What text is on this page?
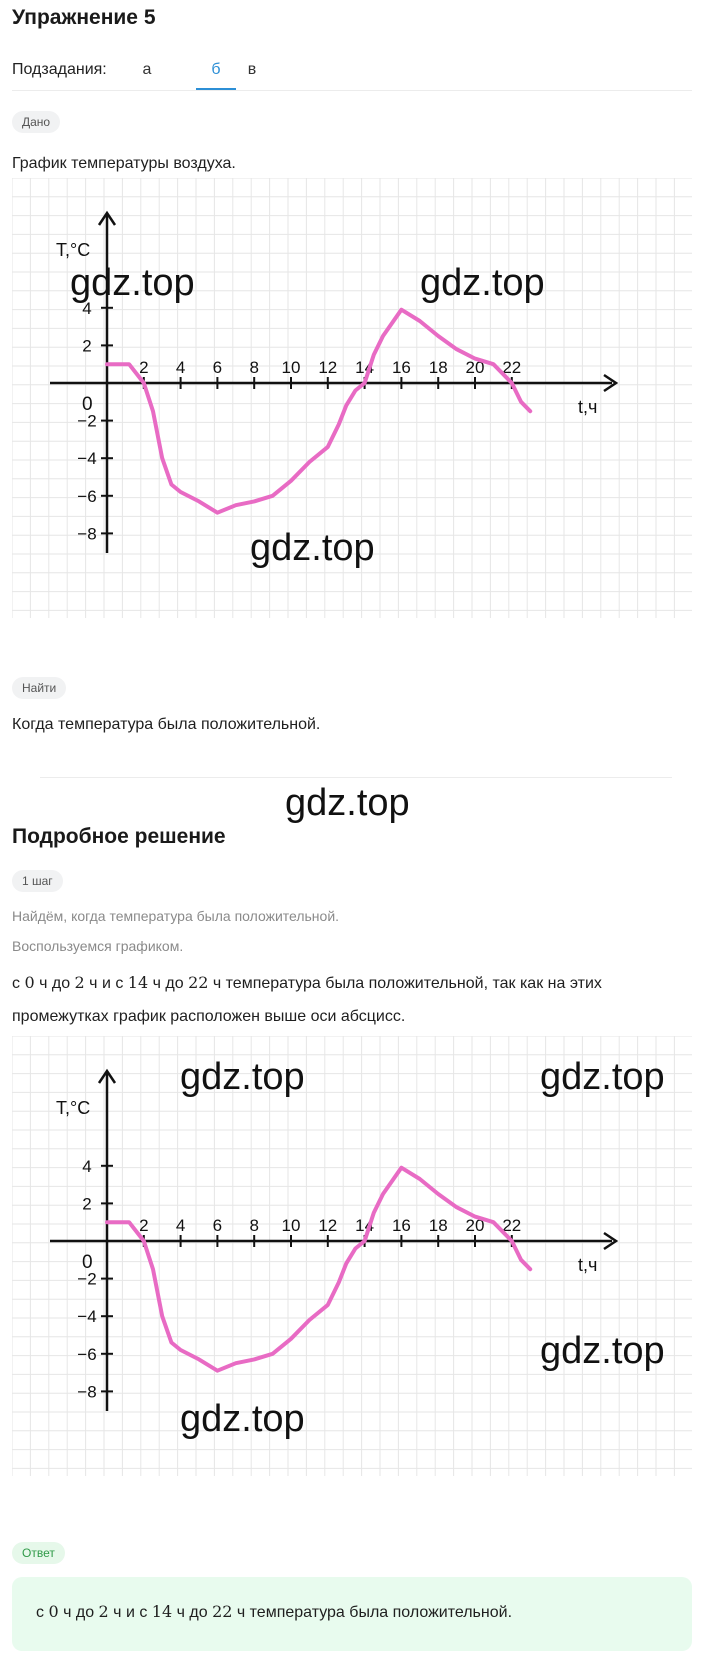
Упражнение 5
Подзадания:	а	б	в
Дано
График температуры воздуха.
2 4 6 8 10 12 14 16 18 20 22
4
2
−2
−4
−6
−8
T,°C
t,ч
0
gdz.top	gdz.top
gdz.top
Найти
Когда температура была положительной.
gdz.top
Подробное решение
1 шаг
Найдём, когда температура была положительной.
Воспользуемся графиком.
с 0 ч до 2 ч и с 14 ч до 22 ч температура была положительной, так как на этих
промежутках график расположен выше оси абсцисс.
2 4 6 8 10 12 14 16 18 20 22
4
2
−2
−4
−6
−8
T,°C
t,ч
0
gdz.top	gdz.top
gdz.top
gdz.top
Ответ
с 0 ч до 2 ч и с 14 ч до 22 ч температура была положительной.
